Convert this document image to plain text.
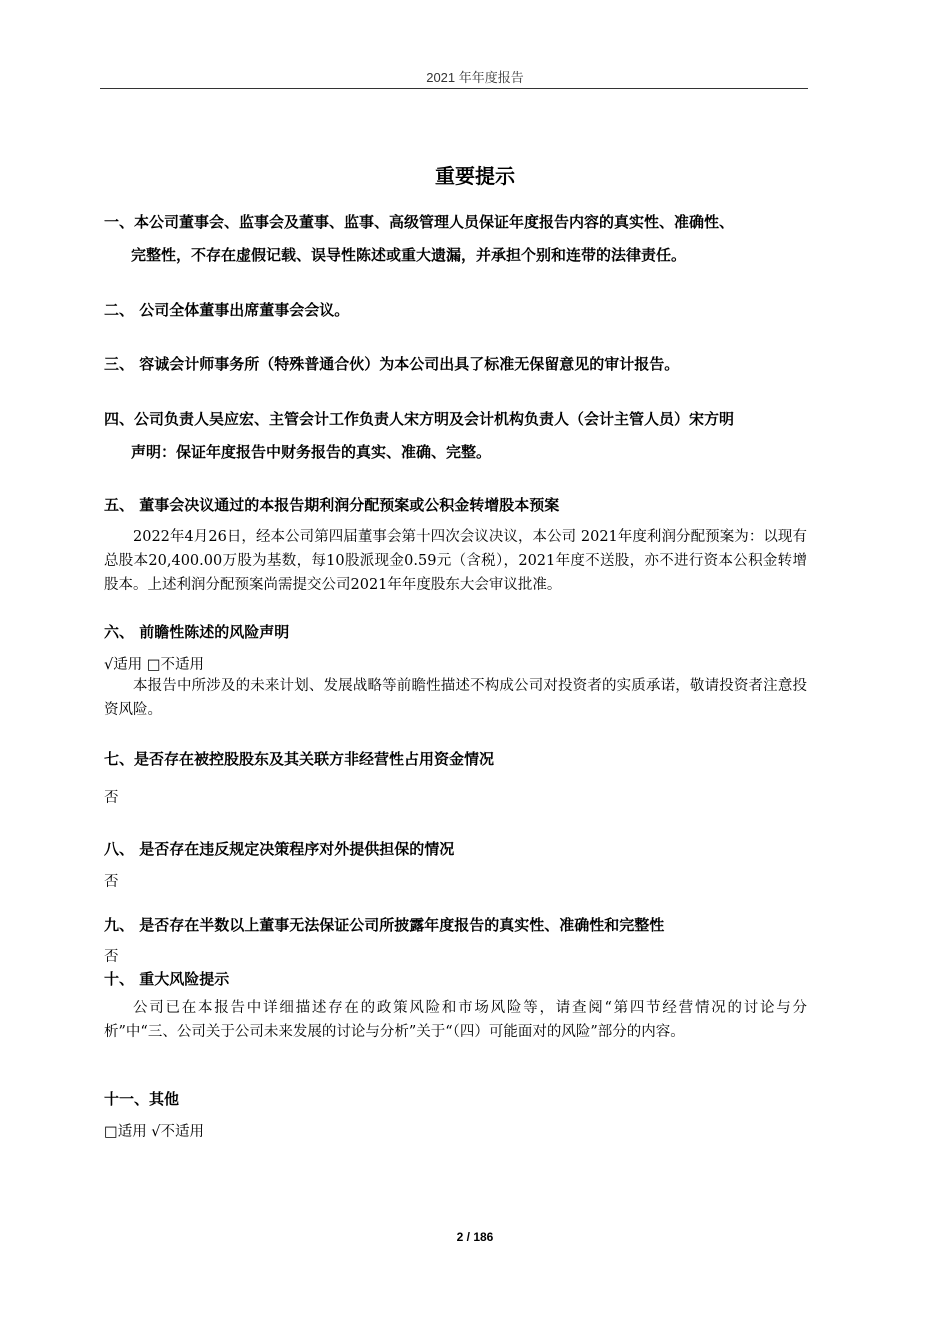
2021 年年度报告
重要提示
一、本公司董事会、监事会及董事、监事、高级管理人员保证年度报告内容的真实性、准确性、
完整性，不存在虚假记载、误导性陈述或重大遗漏，并承担个别和连带的法律责任。
二、 公司全体董事出席董事会会议。
三、 容诚会计师事务所（特殊普通合伙）为本公司出具了标准无保留意见的审计报告。
四、公司负责人吴应宏、主管会计工作负责人宋方明及会计机构负责人（会计主管人员）宋方明
声明：保证年度报告中财务报告的真实、准确、完整。
五、 董事会决议通过的本报告期利润分配预案或公积金转增股本预案
2022年4月26日，经本公司第四届董事会第十四次会议决议，本公司 2021年度利润分配预案为：以现有总股本20,400.00万股为基数，每10股派现金0.59元（含税），2021年度不送股，亦不进行资本公积金转增股本。上述利润分配预案尚需提交公司2021年年度股东大会审议批准。
六、 前瞻性陈述的风险声明
√适用 □不适用
本报告中所涉及的未来计划、发展战略等前瞻性描述不构成公司对投资者的实质承诺，敬请投资者注意投资风险。
七、是否存在被控股股东及其关联方非经营性占用资金情况
否
八、 是否存在违反规定决策程序对外提供担保的情况
否
九、 是否存在半数以上董事无法保证公司所披露年度报告的真实性、准确性和完整性
否
十、 重大风险提示
公司已在本报告中详细描述存在的政策风险和市场风险等，请查阅“第四节经营情况的讨论与分析”中“三、公司关于公司未来发展的讨论与分析”关于“（四）可能面对的风险”部分的内容。
十一、其他
□适用 √不适用
2 / 186
